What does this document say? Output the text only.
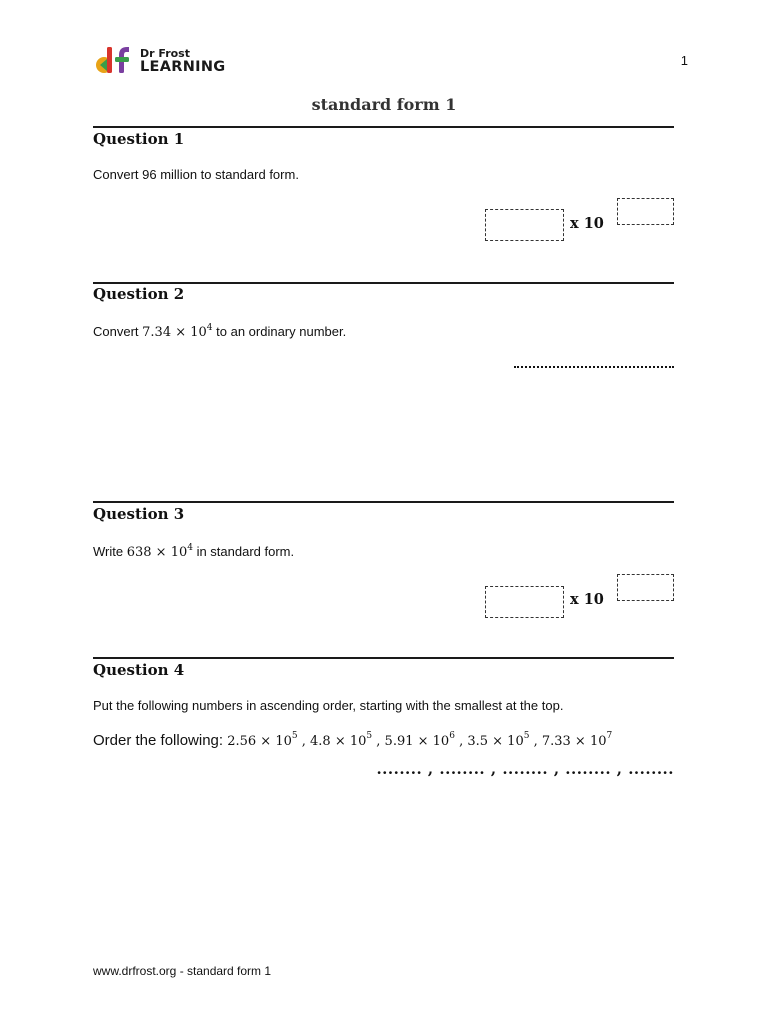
Dr Frost
LEARNING	1
standard form 1
Question 1
Convert 96 million to standard form.
x 10
Question 2
Convert $7.34 \times 10^4$ to an ordinary number.
Question 3
Write $638 \times 10^4$ in standard form.
x 10
Question 4
Put the following numbers in ascending order, starting with the smallest at the top.
Order the following: $2.56 \times 10^5$ , $4.8 \times 10^5$ , $5.91 \times 10^6$ , $3.5 \times 10^5$ , $7.33 \times 10^7$
........ , ........ , ........ , ........ , ........
www.drfrost.org - standard form 1
